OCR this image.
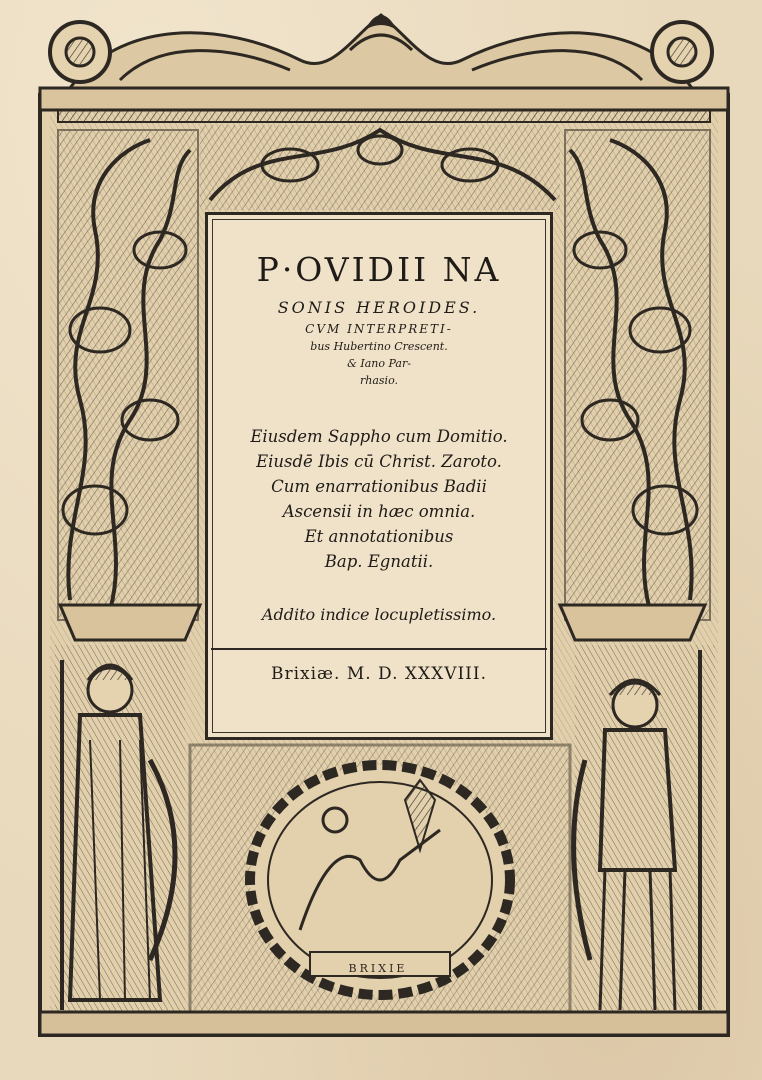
BRIXIE
P·OVIDII NA
SONIS HEROIDES.
CVM INTERPRETI-
bus Hubertino Crescent.
& Iano Par-
rhasio.
Eiusdem Sappho cum Domitio.
Eiusdē Ibis cū Christ. Zaroto.
Cum enarrationibus Badii
Ascensii in hæc omnia.
Et annotationibus
Bap. Egnatii.
Addito indice locupletissimo.
Brixiæ. M. D. XXXVIII.
